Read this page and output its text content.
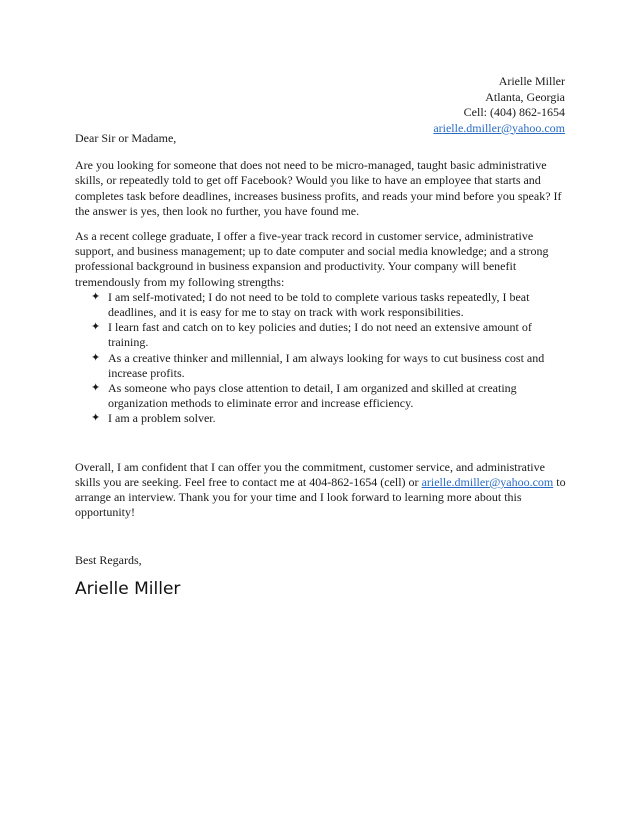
Arielle Miller
Atlanta, Georgia
Cell: (404) 862-1654
arielle.dmiller@yahoo.com

Dear Sir or Madame,

Are you looking for someone that does not need to be micro-managed, taught basic administrative skills, or repeatedly told to get off Facebook? Would you like to have an employee that starts and completes task before deadlines, increases business profits, and reads your mind before you speak? If the answer is yes, then look no further, you have found me.

As a recent college graduate, I offer a five-year track record in customer service, administrative support, and business management; up to date computer and social media knowledge; and a strong professional background in business expansion and productivity. Your company will benefit tremendously from my following strengths:

✦ I am self-motivated; I do not need to be told to complete various tasks repeatedly, I beat deadlines, and it is easy for me to stay on track with work responsibilities.
✦ I learn fast and catch on to key policies and duties; I do not need an extensive amount of training.
✦ As a creative thinker and millennial, I am always looking for ways to cut business cost and increase profits.
✦ As someone who pays close attention to detail, I am organized and skilled at creating organization methods to eliminate error and increase efficiency.
✦ I am a problem solver.

Overall, I am confident that I can offer you the commitment, customer service, and administrative skills you are seeking. Feel free to contact me at 404-862-1654 (cell) or arielle.dmiller@yahoo.com to arrange an interview. Thank you for your time and I look forward to learning more about this opportunity!

Best Regards,

Arielle Miller
